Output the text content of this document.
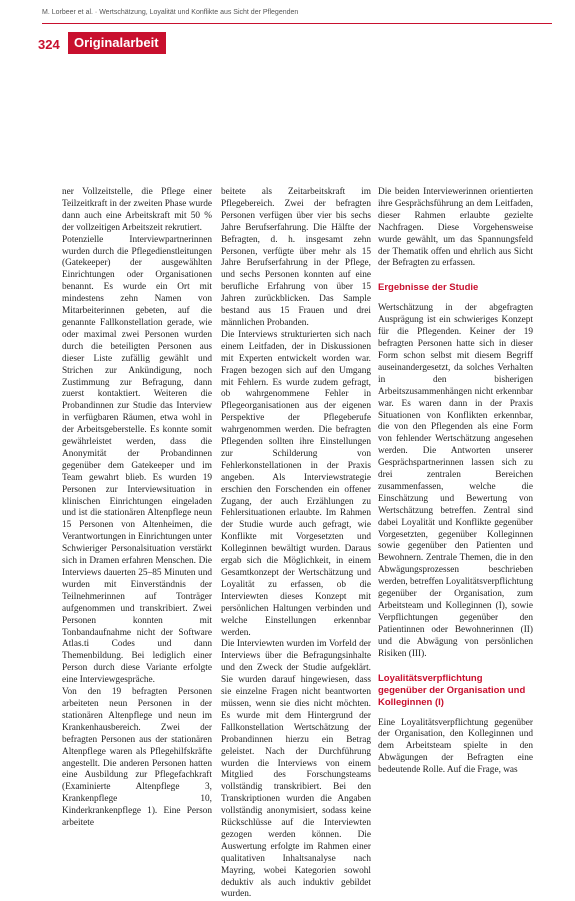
M. Lorbeer et al. · Wertschätzung, Loyalität und Konflikte aus Sicht der Pflegenden
324	Originalarbeit

ner Vollzeitstelle, die Pflege einer Teilzeitkraft in der zweiten Phase wurde dann auch eine Arbeitskraft mit 50 % der vollzeitigen Arbeitszeit rekrutiert.

Potenzielle Interviewpartnerinnen wurden durch die Pflegedienstleitungen (Gatekeeper) der ausgewählten Einrichtungen oder Organisationen benannt. Es wurde ein Ort mit mindestens zehn Namen von Mitarbeiterinnen gebeten, auf die genannte Fallkonstellation gerade, wie oder maximal zwei Personen wurden durch die beteiligten Personen aus dieser Liste zufällig gewählt und Strichen zur Ankündigung, noch Zustimmung zur Befragung, dann zuerst kontaktiert. Weiteren die Probandinnen zur Studie das Interview in verfügbaren Räumen, etwa wohl in der Arbeitsgeberstelle. Es konnte somit gewährleistet werden, dass die Anonymität der Probandinnen gegenüber dem Gatekeeper und im Team gewahrt blieb. Es wurden 19 Personen zur Interviewsituation in klinischen Einrichtungen eingeladen und ist die stationären Altenpflege neun 15 Personen von Altenheimen, die Verantwortungen in Einrichtungen unter Schwieriger Personalsituation verstärkt sich in Dramen erfahren Menschen. Die Interviews dauerten 25–85 Minuten und wurden mit Einverständnis der Teilnehmerinnen auf Tonträger aufgenommen und transkribiert. Zwei Personen konnten mit Tonbandaufnahme nicht der Software Atlas.ti Codes und dann Themenbildung. Bei lediglich einer Person durch diese Variante erfolgte eine Interviewgespräche.

Von den 19 befragten Personen arbeiteten neun Personen in der stationären Altenpflege und neun im Krankenhausbereich. Zwei der befragten Personen aus der stationären Altenpflege waren als Pflegehilfskräfte angestellt. Die anderen Personen hatten eine Ausbildung zur Pflegefachkraft (Examinierte Altenpflege 3, Krankenpflege 10, Kinderkrankenpflege 1). Eine Person arbeitete

beitete als Zeitarbeitskraft im Pflegebereich. Zwei der befragten Personen verfügen über vier bis sechs Jahre Berufserfahrung. Die Hälfte der Befragten, d. h. insgesamt zehn Personen, verfügte über mehr als 15 Jahre Berufserfahrung in der Pflege, und sechs Personen konnten auf eine berufliche Erfahrung von über 15 Jahren zurückblicken. Das Sample bestand aus 15 Frauen und drei männlichen Probanden.

Die Interviews strukturierten sich nach einem Leitfaden, der in Diskussionen mit Experten entwickelt worden war. Fragen bezogen sich auf den Umgang mit Fehlern. Es wurde zudem gefragt, ob wahrgenommene Fehler in Pflegeorganisationen aus der eigenen Perspektive der Pflegeberufe wahrgenommen werden. Die befragten Pflegenden sollten ihre Einstellungen zur Schilderung von Fehlerkonstellationen in der Praxis angeben. Als Interviewstrategie erschien den Forschenden ein offener Zugang, der auch Erzählungen zu Fehlersituationen erlaubte. Im Rahmen der Studie wurde auch gefragt, wie Konflikte mit Vorgesetzten und Kolleginnen bewältigt wurden. Daraus ergab sich die Möglichkeit, in einem Gesamtkonzept der Wertschätzung und Loyalität zu erfassen, ob die Interviewten dieses Konzept mit persönlichen Haltungen verbinden und welche Einstellungen erkennbar werden.

Die Interviewten wurden im Vorfeld der Interviews über die Befragungsinhalte und den Zweck der Studie aufgeklärt. Sie wurden darauf hingewiesen, dass sie einzelne Fragen nicht beantworten müssen, wenn sie dies nicht möchten. Es wurde mit dem Hintergrund der Fallkonstellation Wertschätzung der Probandinnen hierzu ein Betrag geleistet. Nach der Durchführung wurden die Interviews von einem Mitglied des Forschungsteams vollständig transkribiert. Bei den Transkriptionen wurden die Angaben vollständig anonymisiert, sodass keine Rückschlüsse auf die Interviewten gezogen werden können. Die Auswertung erfolgte im Rahmen einer qualitativen Inhaltsanalyse nach Mayring, wobei Kategorien sowohl deduktiv als auch induktiv gebildet wurden.

Die beiden Interviewerinnen orientierten ihre Gesprächsführung an dem Leitfaden, dieser Rahmen erlaubte gezielte Nachfragen. Diese Vorgehensweise wurde gewählt, um das Spannungsfeld der Thematik offen und ehrlich aus Sicht der Befragten zu erfassen.

Ergebnisse der Studie

Wertschätzung in der abgefragten Ausprägung ist ein schwieriges Konzept für die Pflegenden. Keiner der 19 befragten Personen hatte sich in dieser Form schon selbst mit diesem Begriff auseinandergesetzt, da solches Verhalten in den bisherigen Arbeitszusammenhängen nicht erkennbar war. Es waren dann in der Praxis Situationen von Konflikten erkennbar, die von den Pflegenden als eine Form von fehlender Wertschätzung angesehen werden. Die Antworten unserer Gesprächspartnerinnen lassen sich zu drei zentralen Bereichen zusammenfassen, welche die Einschätzung und Bewertung von Wertschätzung betreffen. Zentral sind dabei Loyalität und Konflikte gegenüber Vorgesetzten, gegenüber Kolleginnen sowie gegenüber den Patienten und Bewohnern. Zentrale Themen, die in den Abwägungsprozessen beschrieben werden, betreffen Loyalitätsverpflichtung gegenüber der Organisation, zum Arbeitsteam und Kolleginnen (I), sowie Verpflichtungen gegenüber den Patientinnen oder Bewohnerinnen (II) und die Abwägung von persönlichen Risiken (III).

Loyalitätsverpflichtung gegenüber der Organisation und Kolleginnen (I)

Eine Loyalitätsverpflichtung gegenüber der Organisation, den Kolleginnen und dem Arbeitsteam spielte in den Abwägungen der Befragten eine bedeutende Rolle. Auf die Frage, was
